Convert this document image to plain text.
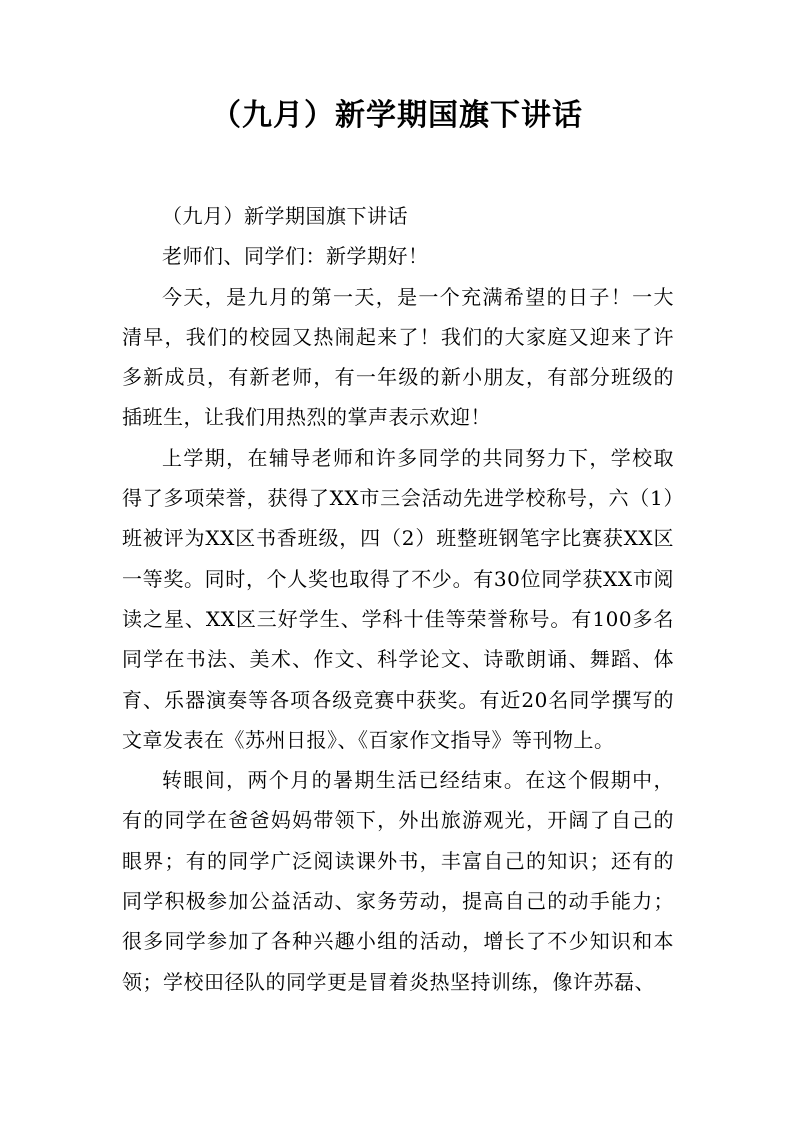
（九月）新学期国旗下讲话

（九月）新学期国旗下讲话

老师们、同学们：新学期好！

今天，是九月的第一天，是一个充满希望的日子！一大清早，我们的校园又热闹起来了！我们的大家庭又迎来了许多新成员，有新老师，有一年级的新小朋友，有部分班级的插班生，让我们用热烈的掌声表示欢迎！

上学期，在辅导老师和许多同学的共同努力下，学校取得了多项荣誉，获得了XX市三会活动先进学校称号，六（1）班被评为XX区书香班级，四（2）班整班钢笔字比赛获XX区一等奖。同时，个人奖也取得了不少。有30位同学获XX市阅读之星、XX区三好学生、学科十佳等荣誉称号。有100多名同学在书法、美术、作文、科学论文、诗歌朗诵、舞蹈、体育、乐器演奏等各项各级竞赛中获奖。有近20名同学撰写的文章发表在《苏州日报》、《百家作文指导》等刊物上。

转眼间，两个月的暑期生活已经结束。在这个假期中，有的同学在爸爸妈妈带领下，外出旅游观光，开阔了自己的眼界；有的同学广泛阅读课外书，丰富自己的知识；还有的同学积极参加公益活动、家务劳动，提高自己的动手能力；很多同学参加了各种兴趣小组的活动，增长了不少知识和本领；学校田径队的同学更是冒着炎热坚持训练，像许苏磊、
